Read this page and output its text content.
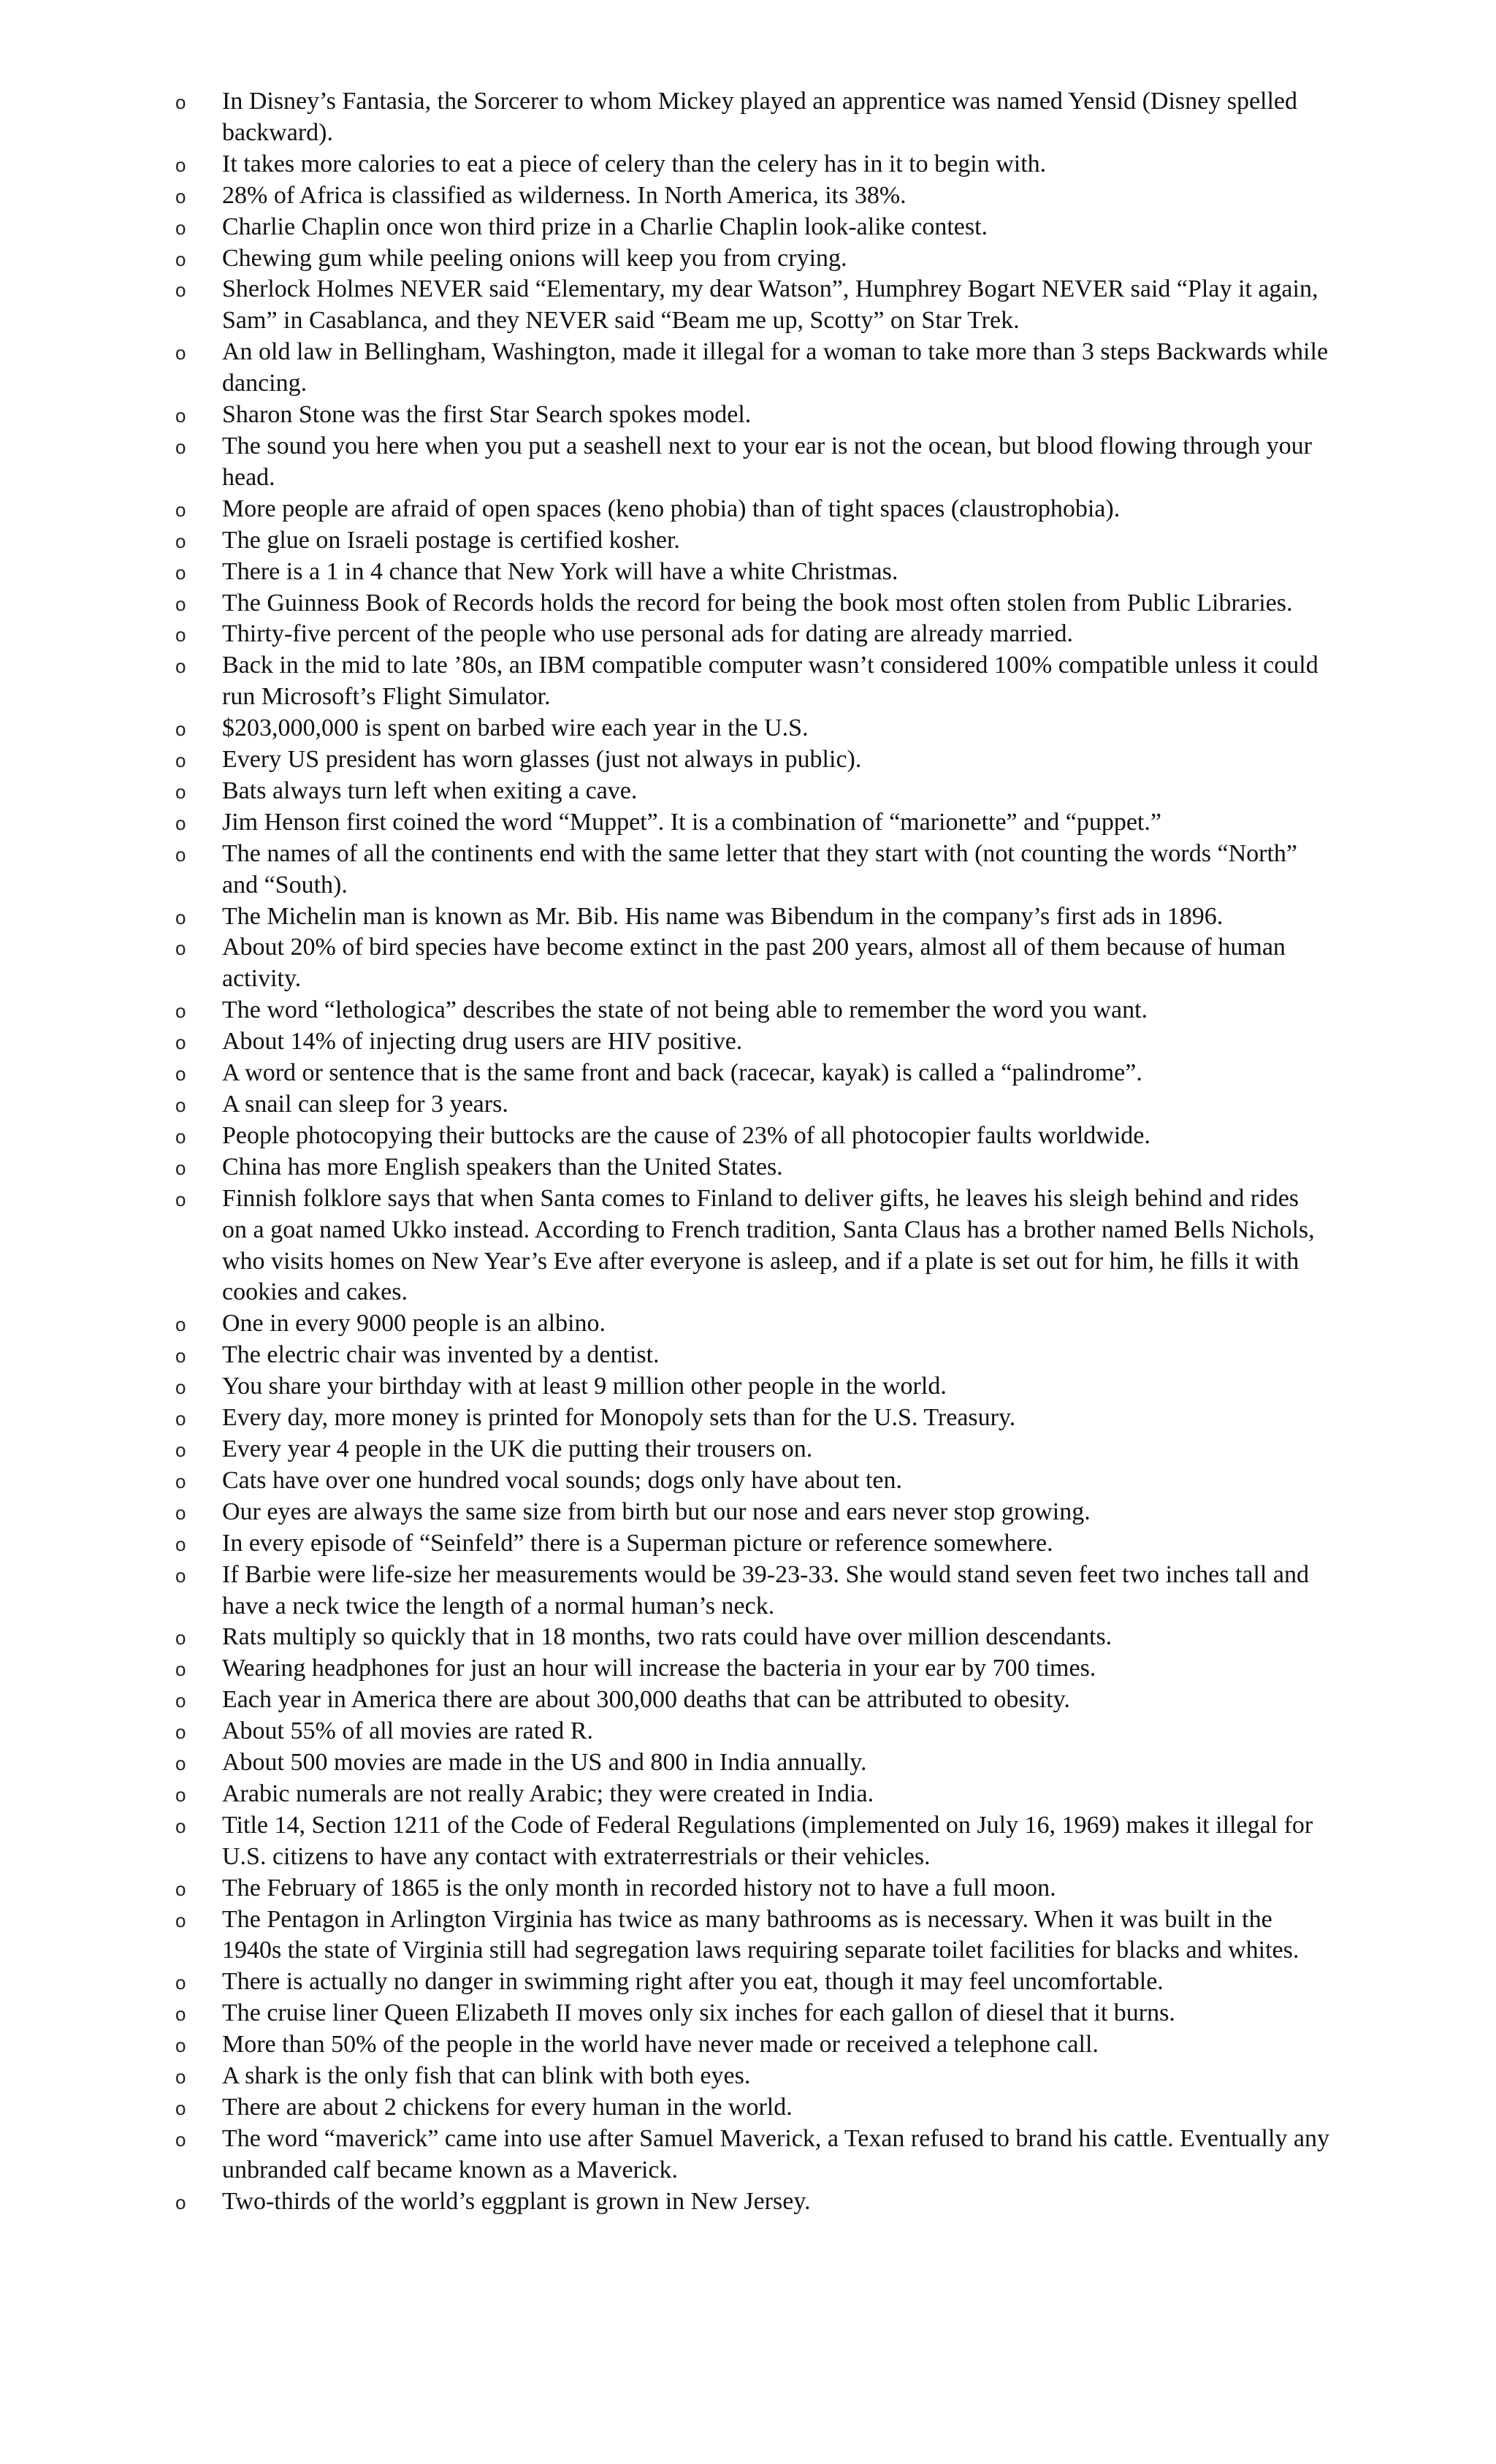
o	In Disney’s Fantasia, the Sorcerer to whom Mickey played an apprentice was named Yensid (Disney spelled backward).
o	It takes more calories to eat a piece of celery than the celery has in it to begin with.
o	28% of Africa is classified as wilderness. In North America, its 38%.
o	Charlie Chaplin once won third prize in a Charlie Chaplin look-alike contest.
o	Chewing gum while peeling onions will keep you from crying.
o	Sherlock Holmes NEVER said “Elementary, my dear Watson”, Humphrey Bogart NEVER said “Play it again, Sam” in Casablanca, and they NEVER said “Beam me up, Scotty” on Star Trek.
o	An old law in Bellingham, Washington, made it illegal for a woman to take more than 3 steps Backwards while dancing.
o	Sharon Stone was the first Star Search spokes model.
o	The sound you here when you put a seashell next to your ear is not the ocean, but blood flowing through your head.
o	More people are afraid of open spaces (keno phobia) than of tight spaces (claustrophobia).
o	The glue on Israeli postage is certified kosher.
o	There is a 1 in 4 chance that New York will have a white Christmas.
o	The Guinness Book of Records holds the record for being the book most often stolen from Public Libraries.
o	Thirty-five percent of the people who use personal ads for dating are already married.
o	Back in the mid to late ’80s, an IBM compatible computer wasn’t considered 100% compatible unless it could run Microsoft’s Flight Simulator.
o	$203,000,000 is spent on barbed wire each year in the U.S.
o	Every US president has worn glasses (just not always in public).
o	Bats always turn left when exiting a cave.
o	Jim Henson first coined the word “Muppet”. It is a combination of “marionette” and “puppet.”
o	The names of all the continents end with the same letter that they start with (not counting the words “North” and “South).
o	The Michelin man is known as Mr. Bib. His name was Bibendum in the company’s first ads in 1896.
o	About 20% of bird species have become extinct in the past 200 years, almost all of them because of human activity.
o	The word “lethologica” describes the state of not being able to remember the word you want.
o	About 14% of injecting drug users are HIV positive.
o	A word or sentence that is the same front and back (racecar, kayak) is called a “palindrome”.
o	A snail can sleep for 3 years.
o	People photocopying their buttocks are the cause of 23% of all photocopier faults worldwide.
o	China has more English speakers than the United States.
o	Finnish folklore says that when Santa comes to Finland to deliver gifts, he leaves his sleigh behind and rides on a goat named Ukko instead. According to French tradition, Santa Claus has a brother named Bells Nichols, who visits homes on New Year’s Eve after everyone is asleep, and if a plate is set out for him, he fills it with cookies and cakes.
o	One in every 9000 people is an albino.
o	The electric chair was invented by a dentist.
o	You share your birthday with at least 9 million other people in the world.
o	Every day, more money is printed for Monopoly sets than for the U.S. Treasury.
o	Every year 4 people in the UK die putting their trousers on.
o	Cats have over one hundred vocal sounds; dogs only have about ten.
o	Our eyes are always the same size from birth but our nose and ears never stop growing.
o	In every episode of “Seinfeld” there is a Superman picture or reference somewhere.
o	If Barbie were life-size her measurements would be 39-23-33. She would stand seven feet two inches tall and have a neck twice the length of a normal human’s neck.
o	Rats multiply so quickly that in 18 months, two rats could have over million descendants.
o	Wearing headphones for just an hour will increase the bacteria in your ear by 700 times.
o	Each year in America there are about 300,000 deaths that can be attributed to obesity.
o	About 55% of all movies are rated R.
o	About 500 movies are made in the US and 800 in India annually.
o	Arabic numerals are not really Arabic; they were created in India.
o	Title 14, Section 1211 of the Code of Federal Regulations (implemented on July 16, 1969) makes it illegal for U.S. citizens to have any contact with extraterrestrials or their vehicles.
o	The February of 1865 is the only month in recorded history not to have a full moon.
o	The Pentagon in Arlington Virginia has twice as many bathrooms as is necessary. When it was built in the 1940s the state of Virginia still had segregation laws requiring separate toilet facilities for blacks and whites.
o	There is actually no danger in swimming right after you eat, though it may feel uncomfortable.
o	The cruise liner Queen Elizabeth II moves only six inches for each gallon of diesel that it burns.
o	More than 50% of the people in the world have never made or received a telephone call.
o	A shark is the only fish that can blink with both eyes.
o	There are about 2 chickens for every human in the world.
o	The word “maverick” came into use after Samuel Maverick, a Texan refused to brand his cattle. Eventually any unbranded calf became known as a Maverick.
o	Two-thirds of the world’s eggplant is grown in New Jersey.
